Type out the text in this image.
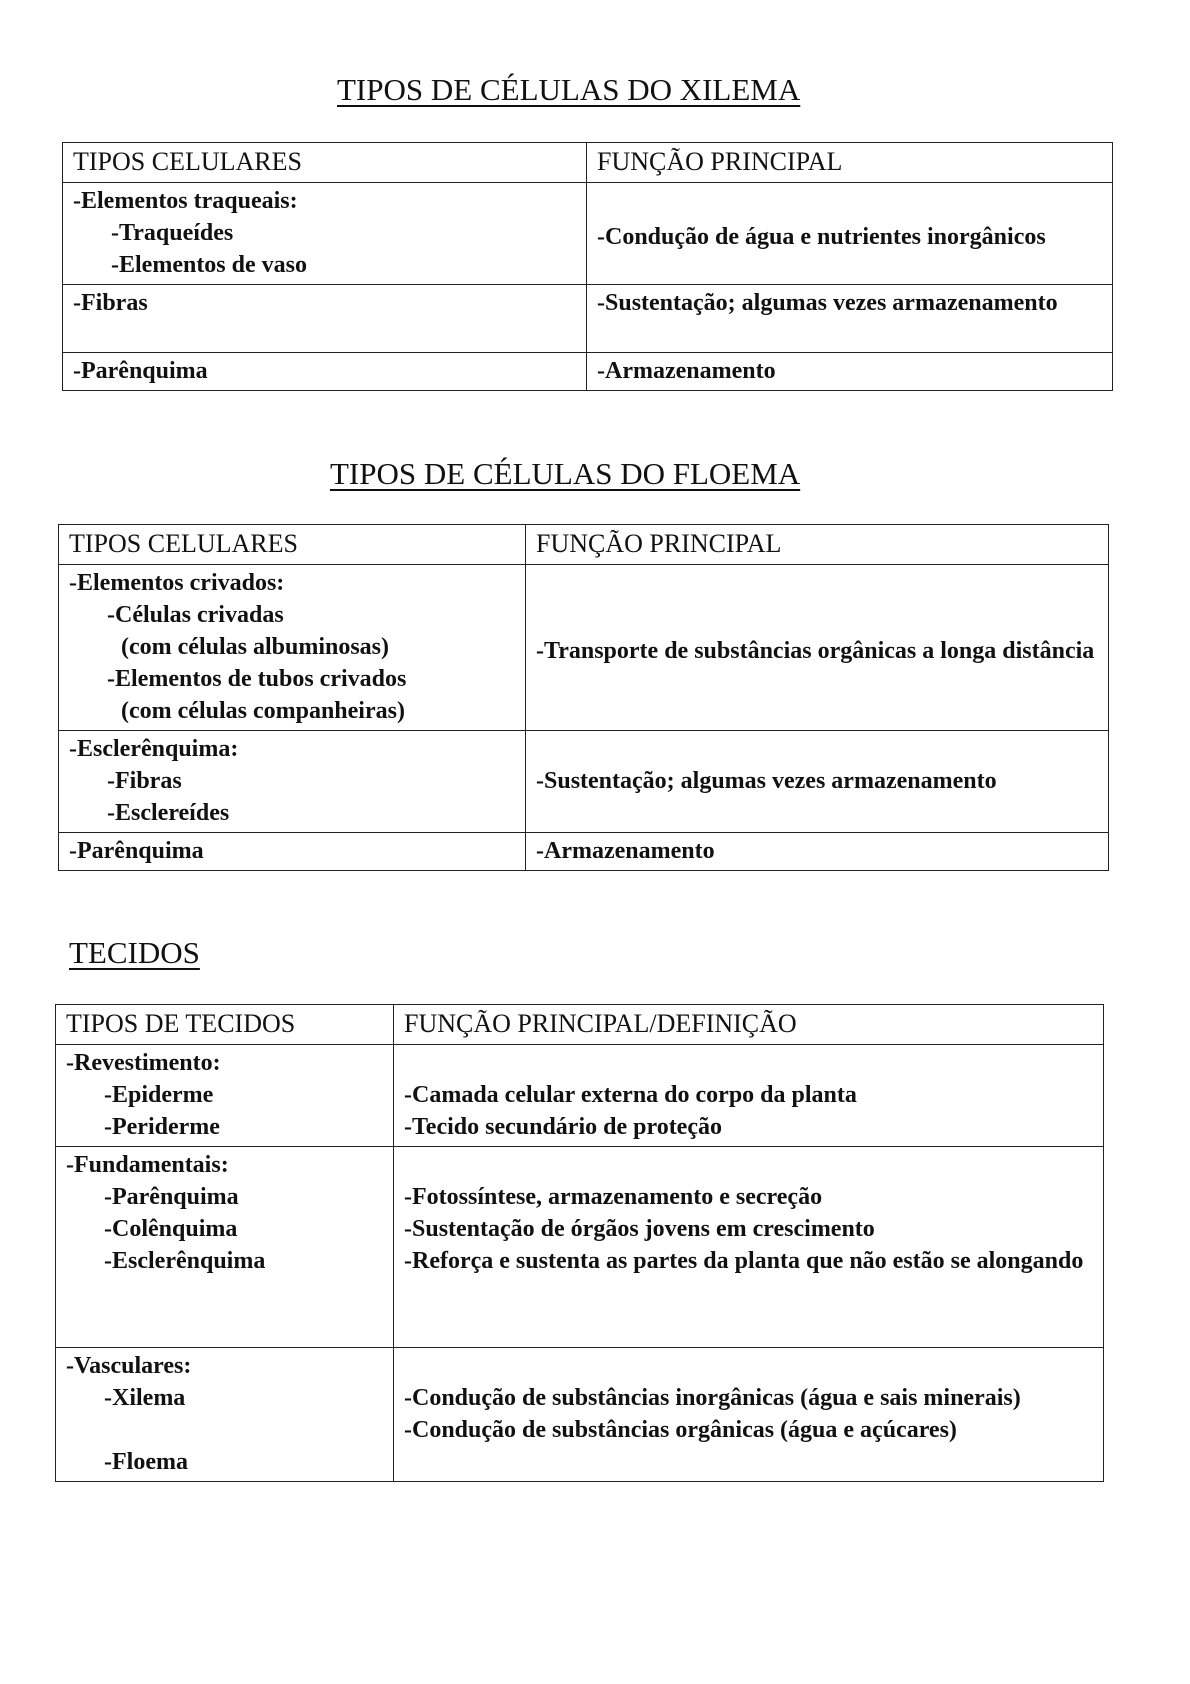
TIPOS DE CÉLULAS DO XILEMA
TIPOS CELULARES	FUNÇÃO PRINCIPAL

-Elementos traqueais:
-Traqueídes
-Elementos de vaso	-Condução de água e nutrientes inorgânicos

-Fibras	-Sustentação; algumas vezes armazenamento

-Parênquima	-Armazenamento
TIPOS DE CÉLULAS DO FLOEMA
TIPOS CELULARES	FUNÇÃO PRINCIPAL

-Elementos crivados:
-Células crivadas
(com células albuminosas)
-Elementos de tubos crivados
(com células companheiras)	-Transporte de substâncias orgânicas a longa distância

-Esclerênquima:
-Fibras
-Esclereídes	-Sustentação; algumas vezes armazenamento

-Parênquima	-Armazenamento
TECIDOS
TIPOS DE TECIDOS	FUNÇÃO PRINCIPAL/DEFINIÇÃO

-Revestimento:
-Epiderme
-Periderme	-Camada celular externa do corpo da planta
-Tecido secundário de proteção

-Fundamentais:
-Parênquima
-Colênquima
-Esclerênquima	-Fotossíntese, armazenamento e secreção
-Sustentação de órgãos jovens em crescimento
-Reforça e sustenta as partes da planta que não estão se alongando

-Vasculares:
-Xilema
-Floema	-Condução de substâncias inorgânicas (água e sais minerais)
-Condução de substâncias orgânicas (água e açúcares)
